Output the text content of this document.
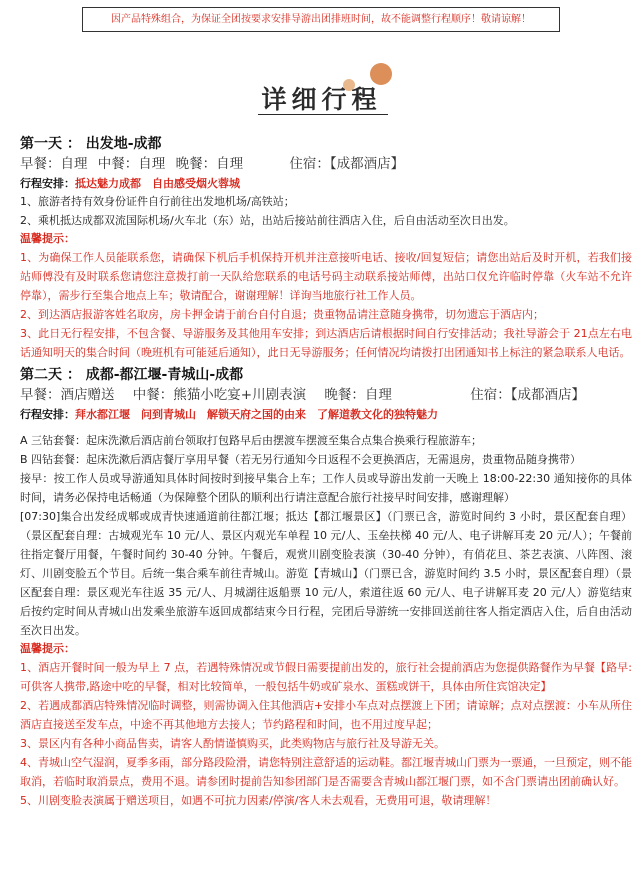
因产品特殊组合，为保证全团按要求安排导游出团排班时间，故不能调整行程顺序！敬请谅解！
详细行程
第一天 ： 出发地-成都
早餐：自理 中餐：自理 晚餐：自理	住宿：【成都酒店】
行程安排：抵达魅力成都　自由感受烟火蓉城
1、旅游者持有效身份证件自行前往出发地机场/高铁站；
2、乘机抵达成都双流国际机场/火车北（东）站，出站后接站前往酒店入住，后自由活动至次日出发。
温馨提示：
1、为确保工作人员能联系您，请确保下机后手机保持开机并注意接听电话、接收/回复短信；请您出站后及时开机，若我们接站师傅没有及时联系您请您注意拨打前一天队给您联系的电话号码主动联系接站师傅，出站口仅允许临时停靠（火车站不允许停靠），需步行至集合地点上车；敬请配合，谢谢理解！详询当地旅行社工作人员。
2、到达酒店报游客姓名取房，房卡押金请于前台自付自退；贵重物品请注意随身携带，切勿遗忘于酒店内；
3、此日无行程安排，不包含餐、导游服务及其他用车安排；到达酒店后请根据时间自行安排活动；我社导游会于 21点左右电话通知明天的集合时间（晚班机有可能延后通知），此日无导游服务；任何情况均请拨打出团通知书上标注的紧急联系人电话。
第二天 ： 成都-都江堰-青城山-成都
早餐：酒店赠送 中餐：熊猫小吃宴+川剧表演 晚餐：自理	住宿：【成都酒店】
行程安排：拜水都江堰　问到青城山　解锁天府之国的由来　了解道教文化的独特魅力
A 三钻套餐：起床洗漱后酒店前台领取打包路早后由摆渡车摆渡至集合点集合换乘行程旅游车；
B 四钻套餐：起床洗漱后酒店餐厅享用早餐（若无另行通知今日返程不会更换酒店，无需退房，贵重物品随身携带）
接早：按工作人员或导游通知具体时间按时到接早集合上车；工作人员或导游出发前一天晚上 18:00-22:30 通知接你的具体时间，请务必保持电话畅通（为保障整个团队的顺利出行请注意配合旅行社接早时间安排，感谢理解）
[07:30]集合出发经成郫或成青快速通道前往都江堰；抵达【都江堰景区】（门票已含，游览时间约 3 小时，景区配套自理）（景区配套自理：古城观光车 10 元/人、景区内观光车单程 10 元/人、玉垒扶梯 40 元/人、电子讲解耳麦 20 元/人）；午餐前往指定餐厅用餐，午餐时间约 30-40 分钟。午餐后，观赏川剧变脸表演（30-40 分钟），有俏花旦、茶艺表演、八阵图、滚灯、川剧变脸五个节目。后统一集合乘车前往青城山。游览【青城山】（门票已含，游览时间约 3.5 小时，景区配套自理）（景区配套自理：景区观光车往返 35 元/人、月城湖往返船票 10 元/人，索道往返 60 元/人、电子讲解耳麦 20 元/人）游览结束后按约定时间从青城山出发乘坐旅游车返回成都结束今日行程，完团后导游统一安排回送前往客人指定酒店入住，后自由活动至次日出发。
温馨提示：
1、酒店开餐时间一般为早上 7 点，若遇特殊情况或节假日需要提前出发的，旅行社会提前酒店为您提供路餐作为早餐【路早:可供客人携带,路途中吃的早餐，相对比较简单，一般包括牛奶或矿泉水、蛋糕或饼干，具体由所住宾馆决定】
2、若遇成都酒店特殊情况临时调整，则需协调入住其他酒店+安排小车点对点摆渡上下团；请谅解；点对点摆渡：小车从所住酒店直接送至发车点，中途不再其他地方去接人；节约路程和时间，也不用过度早起；
3、景区内有各种小商品售卖，请客人酌情谨慎购买，此类购物店与旅行社及导游无关。
4、青城山空气湿润，夏季多雨，部分路段险滑，请您特别注意舒适的运动鞋。都江堰青城山门票为一票通，一旦预定，则不能取消，若临时取消景点，费用不退。请参团时提前告知参团部门是否需要含青城山都江堰门票，如不含门票请出团前确认好。
5、川剧变脸表演属于赠送项目，如遇不可抗力因素/停演/客人未去观看，无费用可退，敬请理解！
